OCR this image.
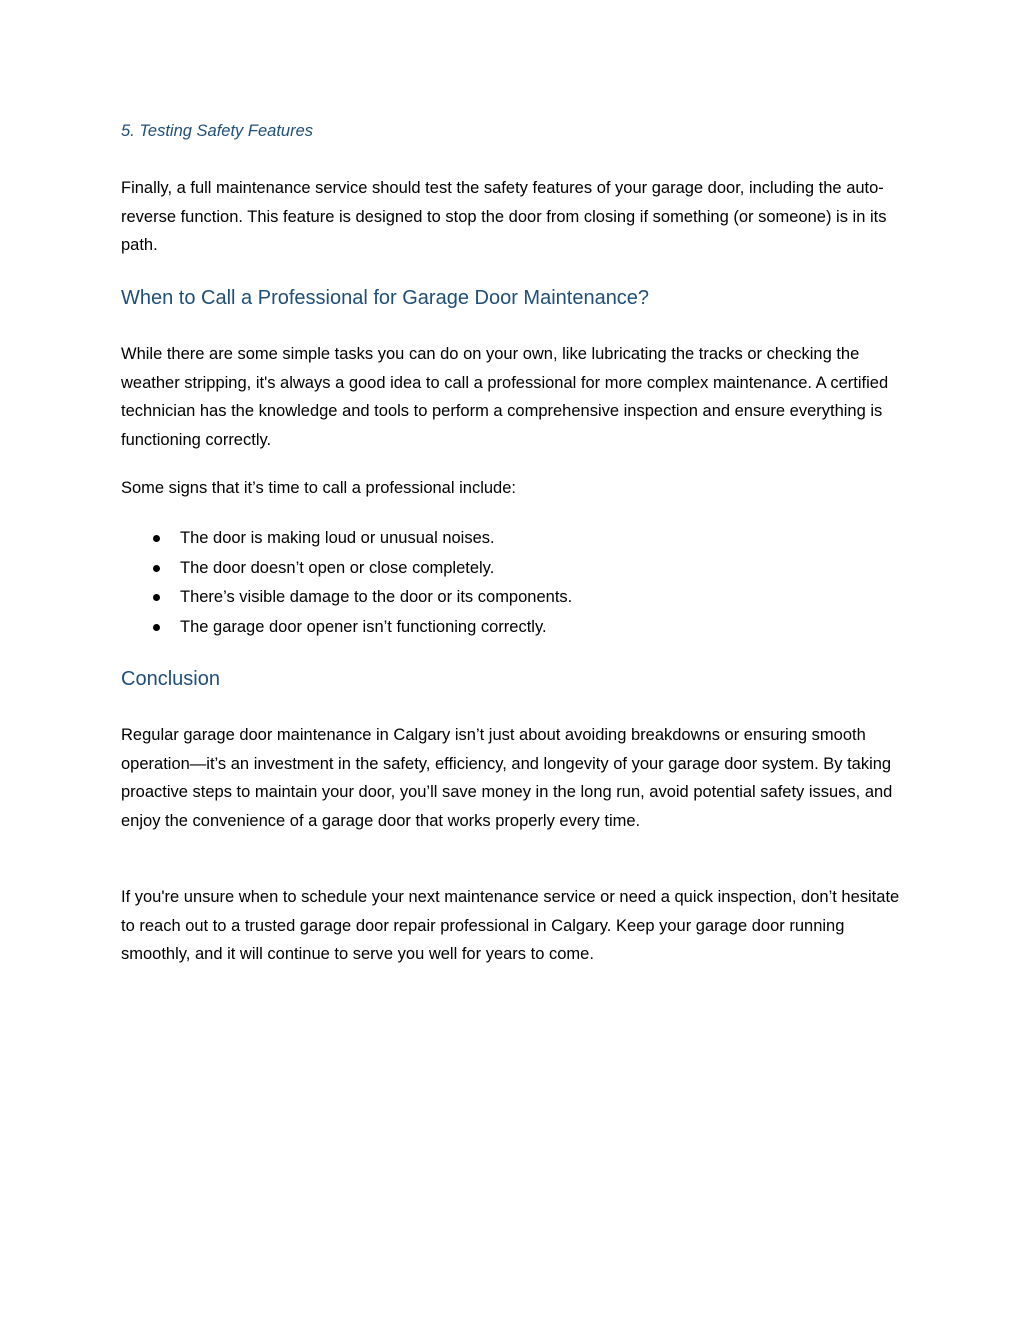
5. Testing Safety Features

Finally, a full maintenance service should test the safety features of your garage door, including the auto-reverse function. This feature is designed to stop the door from closing if something (or someone) is in its path.

When to Call a Professional for Garage Door Maintenance?

While there are some simple tasks you can do on your own, like lubricating the tracks or checking the weather stripping, it's always a good idea to call a professional for more complex maintenance. A certified technician has the knowledge and tools to perform a comprehensive inspection and ensure everything is functioning correctly.

Some signs that it’s time to call a professional include:

The door is making loud or unusual noises.
The door doesn’t open or close completely.
There’s visible damage to the door or its components.
The garage door opener isn’t functioning correctly.
Conclusion

Regular garage door maintenance in Calgary isn’t just about avoiding breakdowns or ensuring smooth operation—it’s an investment in the safety, efficiency, and longevity of your garage door system. By taking proactive steps to maintain your door, you’ll save money in the long run, avoid potential safety issues, and enjoy the convenience of a garage door that works properly every time.

If you're unsure when to schedule your next maintenance service or need a quick inspection, don’t hesitate to reach out to a trusted garage door repair professional in Calgary. Keep your garage door running smoothly, and it will continue to serve you well for years to come.
